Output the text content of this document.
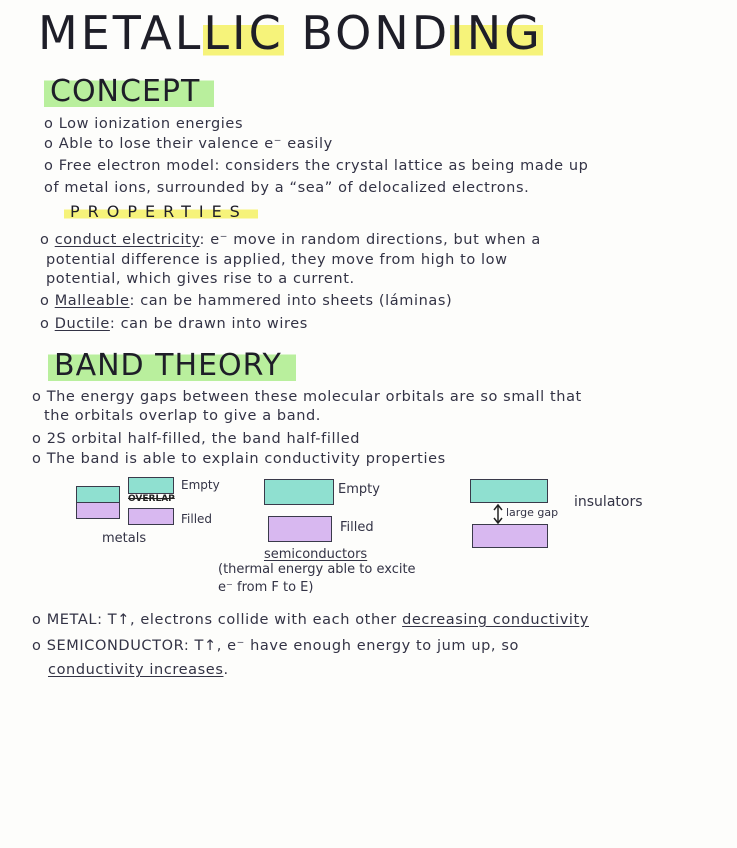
METALLIC BONDING
CONCEPT
o Low ionization energies
o Able to lose their valence e⁻ easily
o Free electron model: considers the crystal lattice as being made up
of metal ions, surrounded by a “sea” of delocalized electrons.
PROPERTIES
o conduct electricity: e⁻ move in random directions, but when a
potential difference is applied, they move from high to low
potential, which gives rise to a current.
o Malleable: can be hammered into sheets (láminas)
o Ductile: can be drawn into wires
BAND THEORY
o The energy gaps between these molecular orbitals are so small that
the orbitals overlap to give a band.
o 2S orbital half-filled, the band half-filled
o The band is able to explain conductivity properties
OVERLAP
Empty
Filled
metals
Empty
Filled
semiconductors
(thermal energy able to excite
e⁻ from F to E)
large gap
insulators
o METAL: T↑, electrons collide with each other decreasing conductivity
o SEMICONDUCTOR: T↑, e⁻ have enough energy to jum up, so
conductivity increases.
